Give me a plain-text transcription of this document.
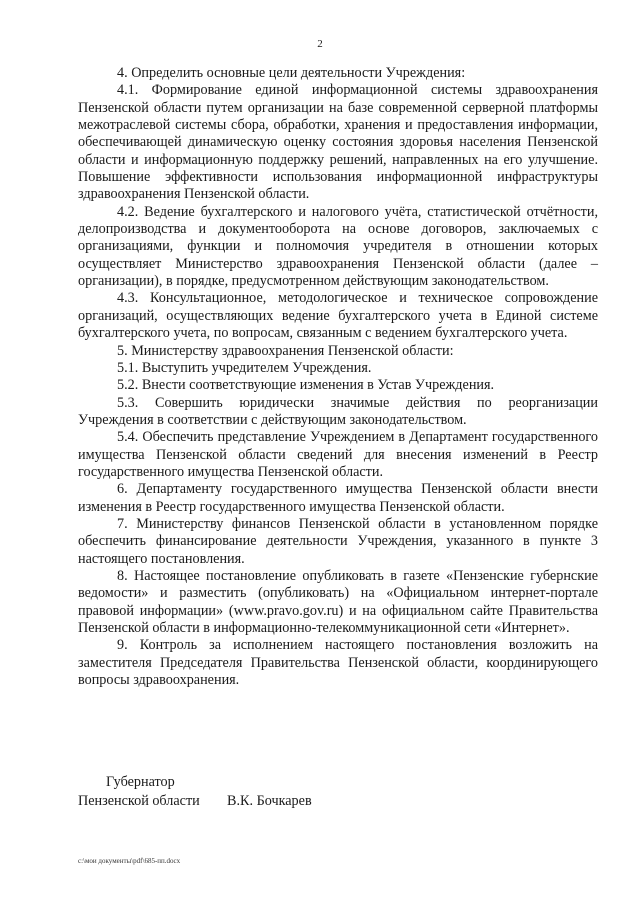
2

4. Определить основные цели деятельности Учреждения:

4.1. Формирование единой информационной системы здравоохранения Пензенской области путем организации на базе современной серверной платформы межотраслевой системы сбора, обработки, хранения и предоставления информации, обеспечивающей динамическую оценку состояния здоровья населения Пензенской области и информационную поддержку решений, направленных на его улучшение. Повышение эффективности использования информационной инфраструктуры здравоохранения Пензенской области.

4.2. Ведение бухгалтерского и налогового учёта, статистической отчётности, делопроизводства и документооборота на основе договоров, заключаемых с организациями, функции и полномочия учредителя в отношении которых осуществляет Министерство здравоохранения Пензенской области (далее – организации), в порядке, предусмотренном действующим законодательством.

4.3. Консультационное, методологическое и техническое сопровождение организаций, осуществляющих ведение бухгалтерского учета в Единой системе бухгалтерского учета, по вопросам, связанным с ведением бухгалтерского учета.

5. Министерству здравоохранения Пензенской области:

5.1. Выступить учредителем Учреждения.

5.2. Внести соответствующие изменения в Устав Учреждения.

5.3. Совершить юридически значимые действия по реорганизации Учреждения в соответствии с действующим законодательством.

5.4. Обеспечить представление Учреждением в Департамент государственного имущества Пензенской области сведений для внесения изменений в Реестр государственного имущества Пензенской области.

6. Департаменту государственного имущества Пензенской области внести изменения в Реестр государственного имущества Пензенской области.

7. Министерству финансов Пензенской области в установленном порядке обеспечить финансирование деятельности Учреждения, указанного в пункте 3 настоящего постановления.

8. Настоящее постановление опубликовать в газете «Пензенские губернские ведомости» и разместить (опубликовать) на «Официальном интернет-портале правовой информации» (www.pravo.gov.ru) и на официальном сайте Правительства Пензенской области в информационно-телекоммуникационной сети «Интернет».

9. Контроль за исполнением настоящего постановления возложить на заместителя Председателя Правительства Пензенской области, координирующего вопросы здравоохранения.

Губернатор
Пензенской области	В.К. Бочкарев
c:\мои документы\pdf\685-пп.docx
